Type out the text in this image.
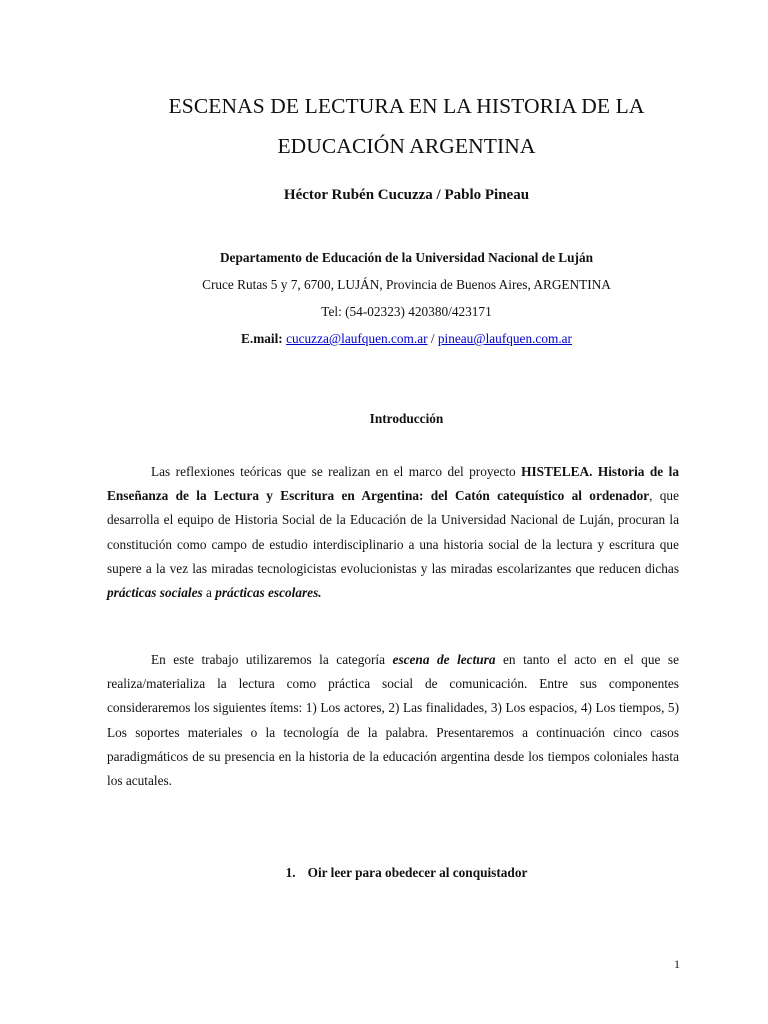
ESCENAS DE LECTURA EN LA HISTORIA DE LA
EDUCACIÓN ARGENTINA
Héctor Rubén Cucuzza / Pablo Pineau
Departamento de Educación de la Universidad Nacional de Luján
Cruce Rutas 5 y 7, 6700, LUJÁN, Provincia de Buenos Aires, ARGENTINA
Tel: (54-02323) 420380/423171
E.mail: cucuzza@laufquen.com.ar / pineau@laufquen.com.ar
Introducción

Las reflexiones teóricas que se realizan en el marco del proyecto HISTELEA. Historia de la Enseñanza de la Lectura y Escritura en Argentina: del Catón catequístico al ordenador, que desarrolla el equipo de Historia Social de la Educación de la Universidad Nacional de Luján, procuran la constitución como campo de estudio interdisciplinario a una historia social de la lectura y escritura que supere a la vez las miradas tecnologicistas evolucionistas y las miradas escolarizantes que reducen dichas prácticas sociales a prácticas escolares.

En este trabajo utilizaremos la categoría escena de lectura en tanto el acto en el que se realiza/materializa la lectura como práctica social de comunicación. Entre sus componentes consideraremos los siguientes ítems: 1) Los actores, 2) Las finalidades, 3) Los espacios, 4) Los tiempos, 5) Los soportes materiales o la tecnología de la palabra. Presentaremos a continuación cinco casos paradigmáticos de su presencia en la historia de la educación argentina desde los tiempos coloniales hasta los acutales.

1. Oir leer para obedecer al conquistador
1
